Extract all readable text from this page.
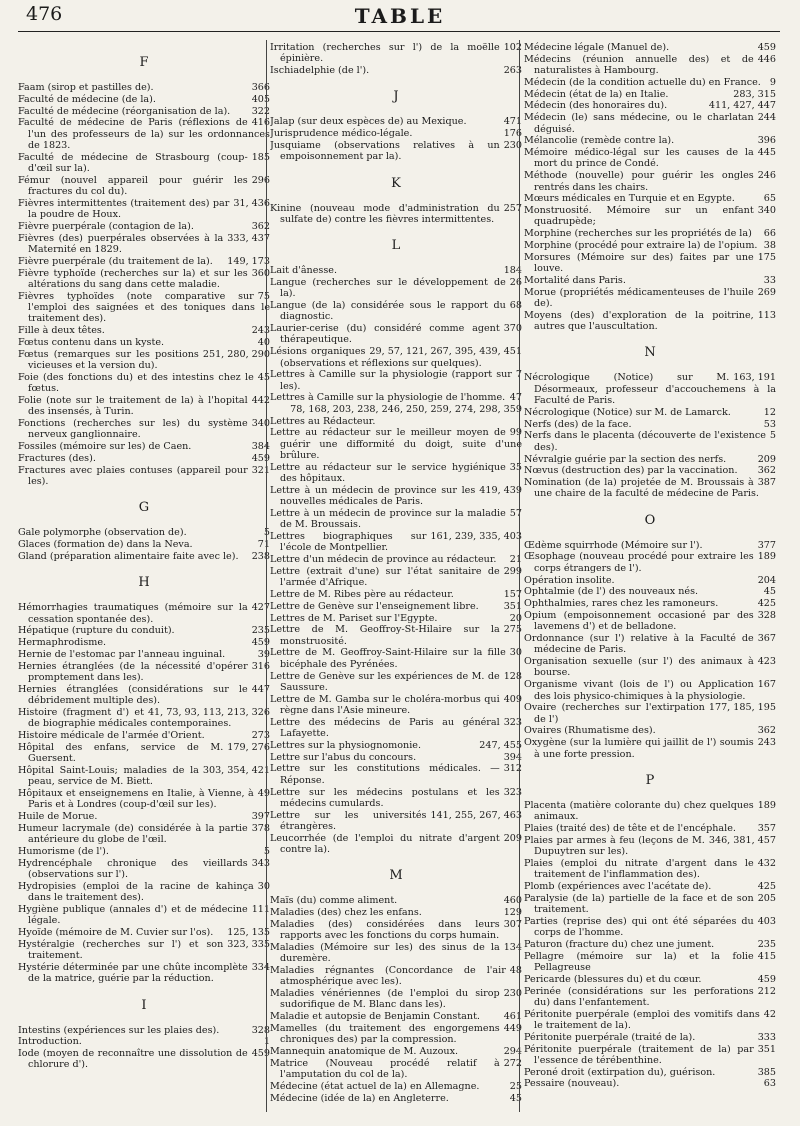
476	TABLE
F
366
Faam (sirop et pastilles de).
405
Faculté de médecine (de la).
322
Faculté de médecine (réorganisation de la).
416
Faculté de médecine de Paris (réflexions de l'un des professeurs de la) sur les ordonnances de 1823.
185
Faculté de médecine de Strasbourg (coup-d'œil sur la).
296
Fémur (nouvel appareil pour guérir les fractures du col du).
31, 436
Fièvres intermittentes (traitement des) par la poudre de Houx.
362
Fièvre puerpérale (contagion de la).
333, 437
Fièvres (des) puerpérales observées à la Maternité en 1829.
149, 173
Fièvre puerpérale (du traitement de la).
360
Fièvre typhoïde (recherches sur la) et sur les altérations du sang dans cette maladie.
75
Fièvres typhoïdes (note comparative sur l'emploi des saignées et des toniques dans le traitement des).
243
Fille à deux têtes.
40
Fœtus contenu dans un kyste.
251, 280, 290
Fœtus (remarques sur les positions vicieuses et la version du).
45
Foie (des fonctions du) et des intestins chez le fœtus.
442
Folie (note sur le traitement de la) à l'hopital des insensés, à Turin.
340
Fonctions (recherches sur les) du système nerveux ganglionnaire.
384
Fossiles (mémoire sur les) de Caen.
459
Fractures (des).
321
Fractures avec plaies contuses (appareil pour les).
G
5
Gale polymorphe (observation de).
71
Glaces (formation de) dans la Neva.
238
Gland (préparation alimentaire faite avec le).
H
427
Hémorrhagies traumatiques (mémoire sur la cessation spontanée des).
235
Hépatique (rupture du conduit).
459
Hermaphrodisme.
39
Hernie de l'estomac par l'anneau inguinal.
316
Hernies étranglées (de la nécessité d'opérer promptement dans les).
447
Hernies étranglées (considérations sur le débridement multiple des).
41, 73, 93, 113, 213, 326
Histoire (fragment d') et de biographie médicales contemporaines.
273
Histoire médicale de l'armée d'Orient.
179, 276
Hôpital des enfans, service de M. Guersent.
303, 354, 421
Hôpital Saint-Louis; maladies de la peau, service de M. Biett.
49
Hôpitaux et enseignemens en Italie, à Vienne, à Paris et à Londres (coup-d'œil sur les).
397
Huile de Morue.
378
Humeur lacrymale (de) considérée à la partie antérieure du globe de l'œil.
5
Humorisme (de l').
343
Hydrencéphale chronique des vieillards (observations sur l').
30
Hydropisies (emploi de la racine de kahinça dans le traitement des).
111
Hygiène publique (annales d') et de médecine légale.
125, 135
Hyoïde (mémoire de M. Cuvier sur l'os).
323, 335
Hystéralgie (recherches sur l') et son traitement.
334
Hystérie déterminée par une chûte incomplète de la matrice, guérie par la réduction.
I
328
Intestins (expériences sur les plaies des).
1
Introduction.
459
Iode (moyen de reconnaître une dissolution de chlorure d').
102
Irritation (recherches sur l') de la moëlle épinière.
263
Ischiadelphie (de l').
J
471
Jalap (sur deux espèces de) au Mexique.
176
Jurisprudence médico-légale.
230
Jusquiame (observations relatives à un empoisonnement par la).
K
257
Kinine (nouveau mode d'administration du sulfate de) contre les fièvres intermittentes.
L
184
Lait d'ânesse.
26
Langue (recherches sur le développement de la).
68
Langue (de la) considérée sous le rapport du diagnostic.
370
Laurier-cerise (du) considéré comme agent thérapeutique.
29, 57, 121, 267, 395, 439, 451
Lésions organiques (observations et réflexions sur quelques).
7
Lettres à Camille sur la physiologie (rapport sur les).
47
Lettres à Camille sur la physiologie de l'homme.
78, 168, 203, 238, 246, 250, 259, 274, 298, 359
Lettres au Rédacteur.
99
Lettre au rédacteur sur le meilleur moyen de guérir une difformité du doigt, suite d'une brûlure.
35
Lettre au rédacteur sur le service hygiénique des hôpitaux.
419, 439
Lettre à un médecin de province sur les nouvelles médicales de Paris.
57
Lettre à un médecin de province sur la maladie de M. Broussais.
161, 239, 335, 403
Lettres biographiques sur l'école de Montpellier.
21
Lettre d'un médecin de province au rédacteur.
299
Lettre (extrait d'une) sur l'état sanitaire de l'armée d'Afrique.
157
Lettre de M. Ribes père au rédacteur.
351
Lettre de Genève sur l'enseignement libre.
20
Lettres de M. Pariset sur l'Egypte.
275
Lettre de M. Geoffroy-St-Hilaire sur la monstruosité.
30
Lettre de M. Geoffroy-Saint-Hilaire sur la fille bicéphale des Pyrénées.
128
Lettre de Genève sur les expériences de M. de Saussure.
409
Lettre de M. Gamba sur le choléra-morbus qui règne dans l'Asie mineure.
323
Lettre des médecins de Paris au général Lafayette.
247, 455
Lettres sur la physiognomonie.
394
Lettre sur l'abus du concours.
312
Lettre sur les constitutions médicales. — Réponse.
323
Lettre sur les médecins postulans et les médecins cumulards.
141, 255, 267, 463
Lettre sur les universités étrangères.
209
Leucorrhée (de l'emploi du nitrate d'argent contre la).
M
460
Maïs (du) comme aliment.
129
Maladies (des) chez les enfans.
307
Maladies (des) considérées dans leurs rapports avec les fonctions du corps humain.
134
Maladies (Mémoire sur les) des sinus de la duremère.
48
Maladies régnantes (Concordance de l'air atmosphérique avec les).
230
Maladies vénériennes (de l'emploi du sirop sudorifique de M. Blanc dans les).
461
Maladie et autopsie de Benjamin Constant.
449
Mamelles (du traitement des engorgemens chroniques des) par la compression.
294
Mannequin anatomique de M. Auzoux.
272
Matrice (Nouveau procédé relatif à l'amputation du col de la).
25
Médecine (état actuel de la) en Allemagne.
45
Médecine (idée de la) en Angleterre.
459
Médecine légale (Manuel de).
446
Médecins (réunion annuelle des) et de naturalistes à Hambourg.
9
Médecin (de la condition actuelle du) en France.
283, 315
Médecin (état de la) en Italie.
411, 427, 447
Médecin (des honoraires du).
244
Médecin (le) sans médecine, ou le charlatan déguisé.
396
Mélancolie (remède contre la).
445
Mémoire médico-légal sur les causes de la mort du prince de Condé.
246
Méthode (nouvelle) pour guérir les ongles rentrés dans les chairs.
65
Mœurs médicales en Turquie et en Egypte.
340
Monstruosité. Mémoire sur un enfant quadrupède;
66
Morphine (recherches sur les propriétés de la)
38
Morphine (procédé pour extraire la) de l'opium.
175
Morsures (Mémoire sur des) faites par une louve.
33
Mortalité dans Paris.
269
Morue (propriétés médicamenteuses de l'huile de).
113
Moyens (des) d'exploration de la poitrine, autres que l'auscultation.
N
163, 191
Nécrologique (Notice) sur M. Désormeaux, professeur d'accouchemens à la Faculté de Paris.
12
Nécrologique (Notice) sur M. de Lamarck.
53
Nerfs (des) de la face.
5
Nerfs dans le placenta (découverte de l'existence des).
209
Névralgie guérie par la section des nerfs.
362
Nœvus (destruction des) par la vaccination.
387
Nomination (de la) projetée de M. Broussais à une chaire de la faculté de médecine de Paris.
O
377
Œdème squirrhode (Mémoire sur l').
189
Œsophage (nouveau procédé pour extraire les corps étrangers de l').
204
Opération insolite.
45
Ophtalmie (de l') des nouveaux nés.
425
Ophthalmies, rares chez les ramoneurs.
328
Opium (empoisonnement occasioné par des lavemens d') et de belladone.
367
Ordonnance (sur l') relative à la Faculté de médecine de Paris.
423
Organisation sexuelle (sur l') des animaux à bourse.
167
Organisme vivant (lois de l') ou Application des lois physico-chimiques à la physiologie.
177, 185, 195
Ovaire (recherches sur l'extirpation de l')
362
Ovaires (Rhumatisme des).
243
Oxygène (sur la lumière qui jaillit de l') soumis à une forte pression.
P
189
Placenta (matière colorante du) chez quelques animaux.
357
Plaies (traité des) de tête et de l'encéphale.
346, 381, 457
Plaies par armes à feu (leçons de M. Dupuytren sur les).
432
Plaies (emploi du nitrate d'argent dans le traitement de l'inflammation des).
425
Plomb (expériences avec l'acétate de).
205
Paralysie (de la) partielle de la face et de son traitement.
403
Parties (reprise des) qui ont été séparées du corps de l'homme.
235
Paturon (fracture du) chez une jument.
415
Pellagre (mémoire sur la) et la folie Pellagreuse
459
Pericarde (blessures du) et du cœur.
212
Perinée (considérations sur les perforations du) dans l'enfantement.
42
Péritonite puerpérale (emploi des vomitifs dans le traitement de la).
333
Péritonite puerpérale (traité de la).
351
Péritonite puerpérale (traitement de la) par l'essence de térébenthine.
385
Peroné droit (extirpation du), guérison.
63
Pessaire (nouveau).
